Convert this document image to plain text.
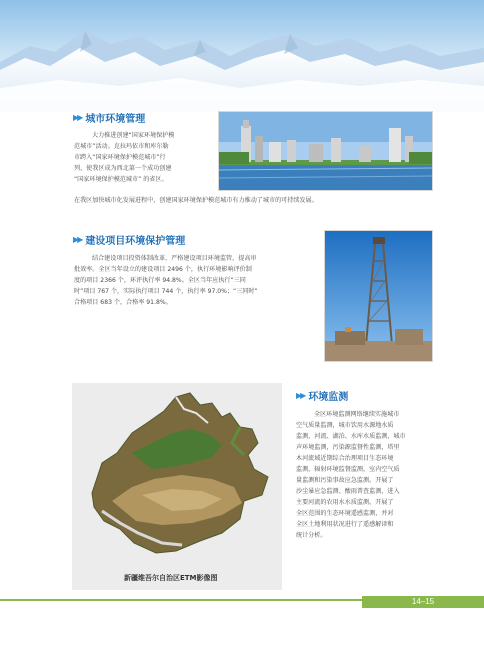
▶▶ 城市环境管理
大力推进创建“国家环境保护模
范城市”活动。克拉玛依市和库尔勒
市跨入“国家环境保护模范城市”行
列，使我区成为西北第一个成功创建
“国家环境保护模范城市” 的省区。
在我区加快城市化发展进程中，创建国家环境保护模范城市有力推动了城市的可持续发展。
▶▶ 建设项目环境保护管理
结合建设项目投资体制改革，严格建设项目环境监管，提高审
批效率。全区当年设立的建设项目 2496 个，执行环境影响评价制
度的项目 2366 个，环评执行率 94.8%。全区当年应执行“三同
时”项目 767 个，实际执行项目 744 个，执行率 97.0%；“三同时”
合格项目 683 个，合格率 91.8%。
新疆维吾尔自治区ETM影像图
▶▶ 环境监测
全区环境监测网络继续实施城市
空气质量监测，城市饮用水源地水质
监测，河流、湖泊、水库水质监测，城市
声环境监测，污染源监督性监测，塔里
木河流域近期综合治理项目生态环境
监测，辐射环境监督监测，室内空气质
量监测和污染事故应急监测。开展了
沙尘暴应急监测、酸雨普查监测、进入
主要河流的农用水水质监测。开展了
全区范围的生态环境遥感监测，并对
全区土地利用状况进行了遥感解译和
统计分析。
14–15
